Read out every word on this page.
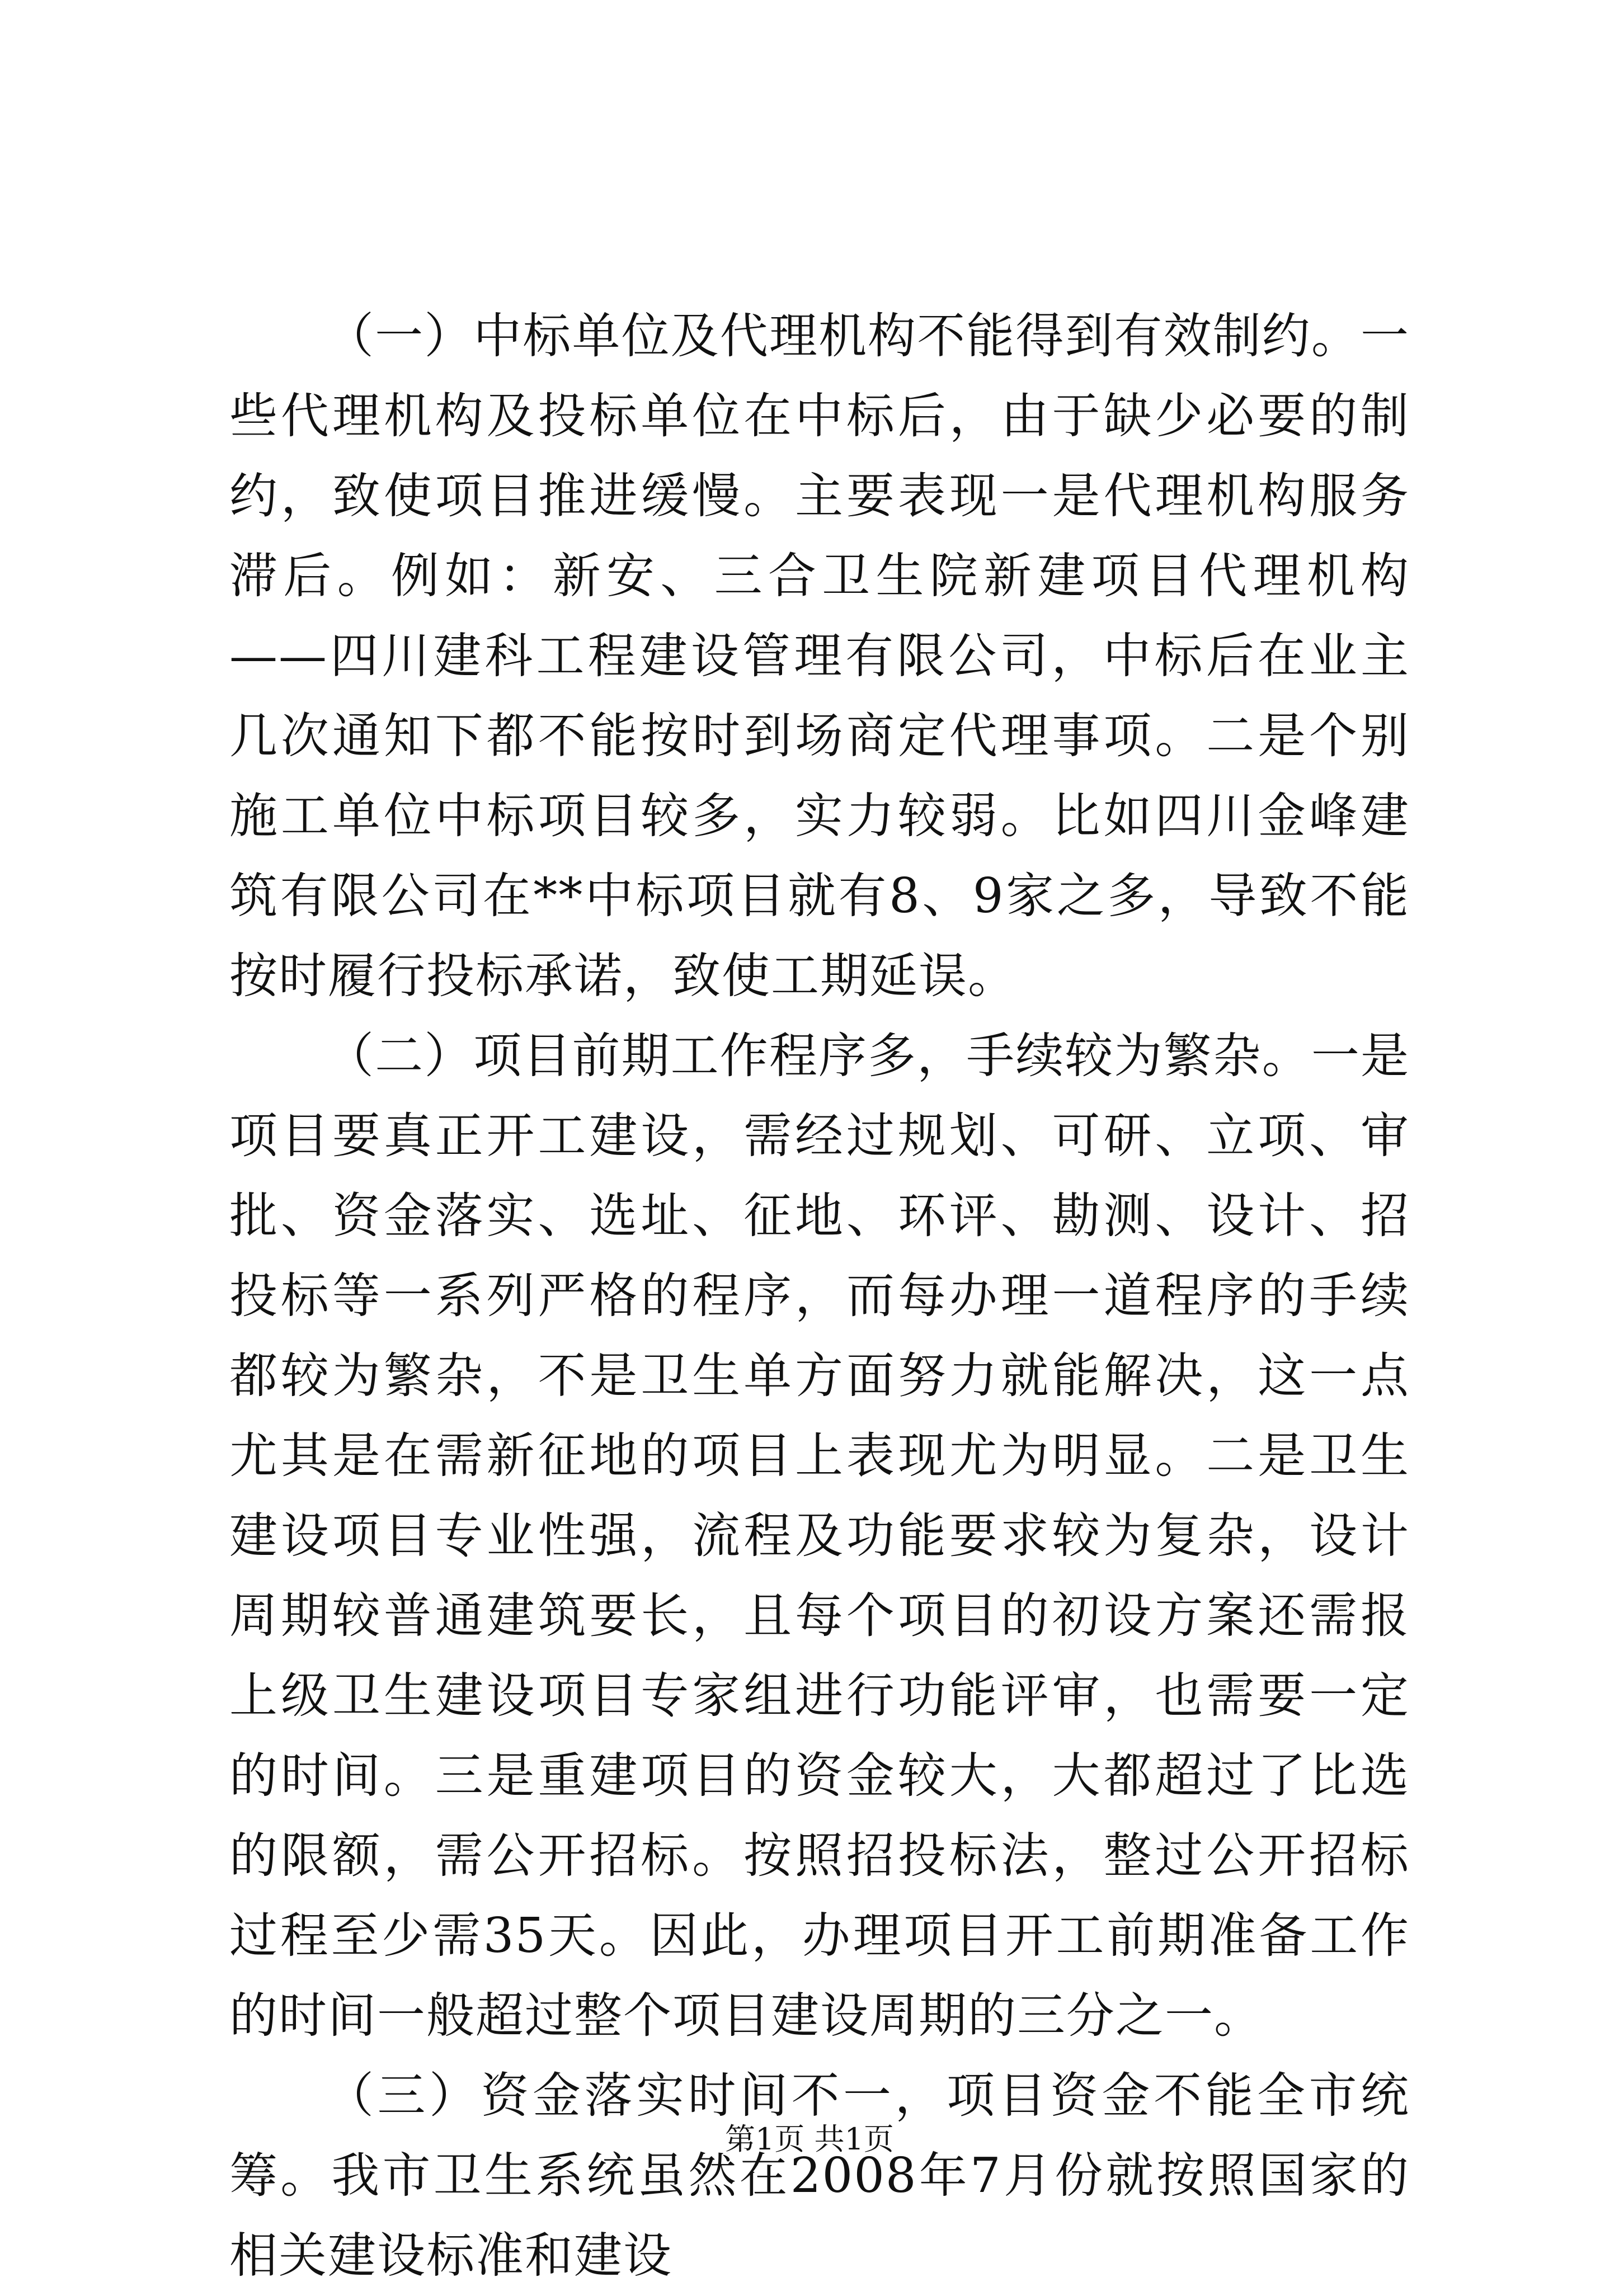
（一）中标单位及代理机构不能得到有效制约。一些代理机构及投标单位在中标后，由于缺少必要的制约，致使项目推进缓慢。主要表现一是代理机构服务滞后。例如：新安、三合卫生院新建项目代理机构——四川建科工程建设管理有限公司，中标后在业主几次通知下都不能按时到场商定代理事项。二是个别施工单位中标项目较多，实力较弱。比如四川金峰建筑有限公司在**中标项目就有8、9家之多，导致不能按时履行投标承诺，致使工期延误。

（二）项目前期工作程序多，手续较为繁杂。一是项目要真正开工建设，需经过规划、可研、立项、审批、资金落实、选址、征地、环评、勘测、设计、招投标等一系列严格的程序，而每办理一道程序的手续都较为繁杂，不是卫生单方面努力就能解决，这一点尤其是在需新征地的项目上表现尤为明显。二是卫生建设项目专业性强，流程及功能要求较为复杂，设计周期较普通建筑要长，且每个项目的初设方案还需报上级卫生建设项目专家组进行功能评审，也需要一定的时间。三是重建项目的资金较大，大都超过了比选的限额，需公开招标。按照招投标法，整过公开招标过程至少需35天。因此，办理项目开工前期准备工作的时间一般超过整个项目建设周期的三分之一。

（三）资金落实时间不一，项目资金不能全市统筹。我市卫生系统虽然在2008年7月份就按照国家的相关建设标准和建设

第1页 共1页
